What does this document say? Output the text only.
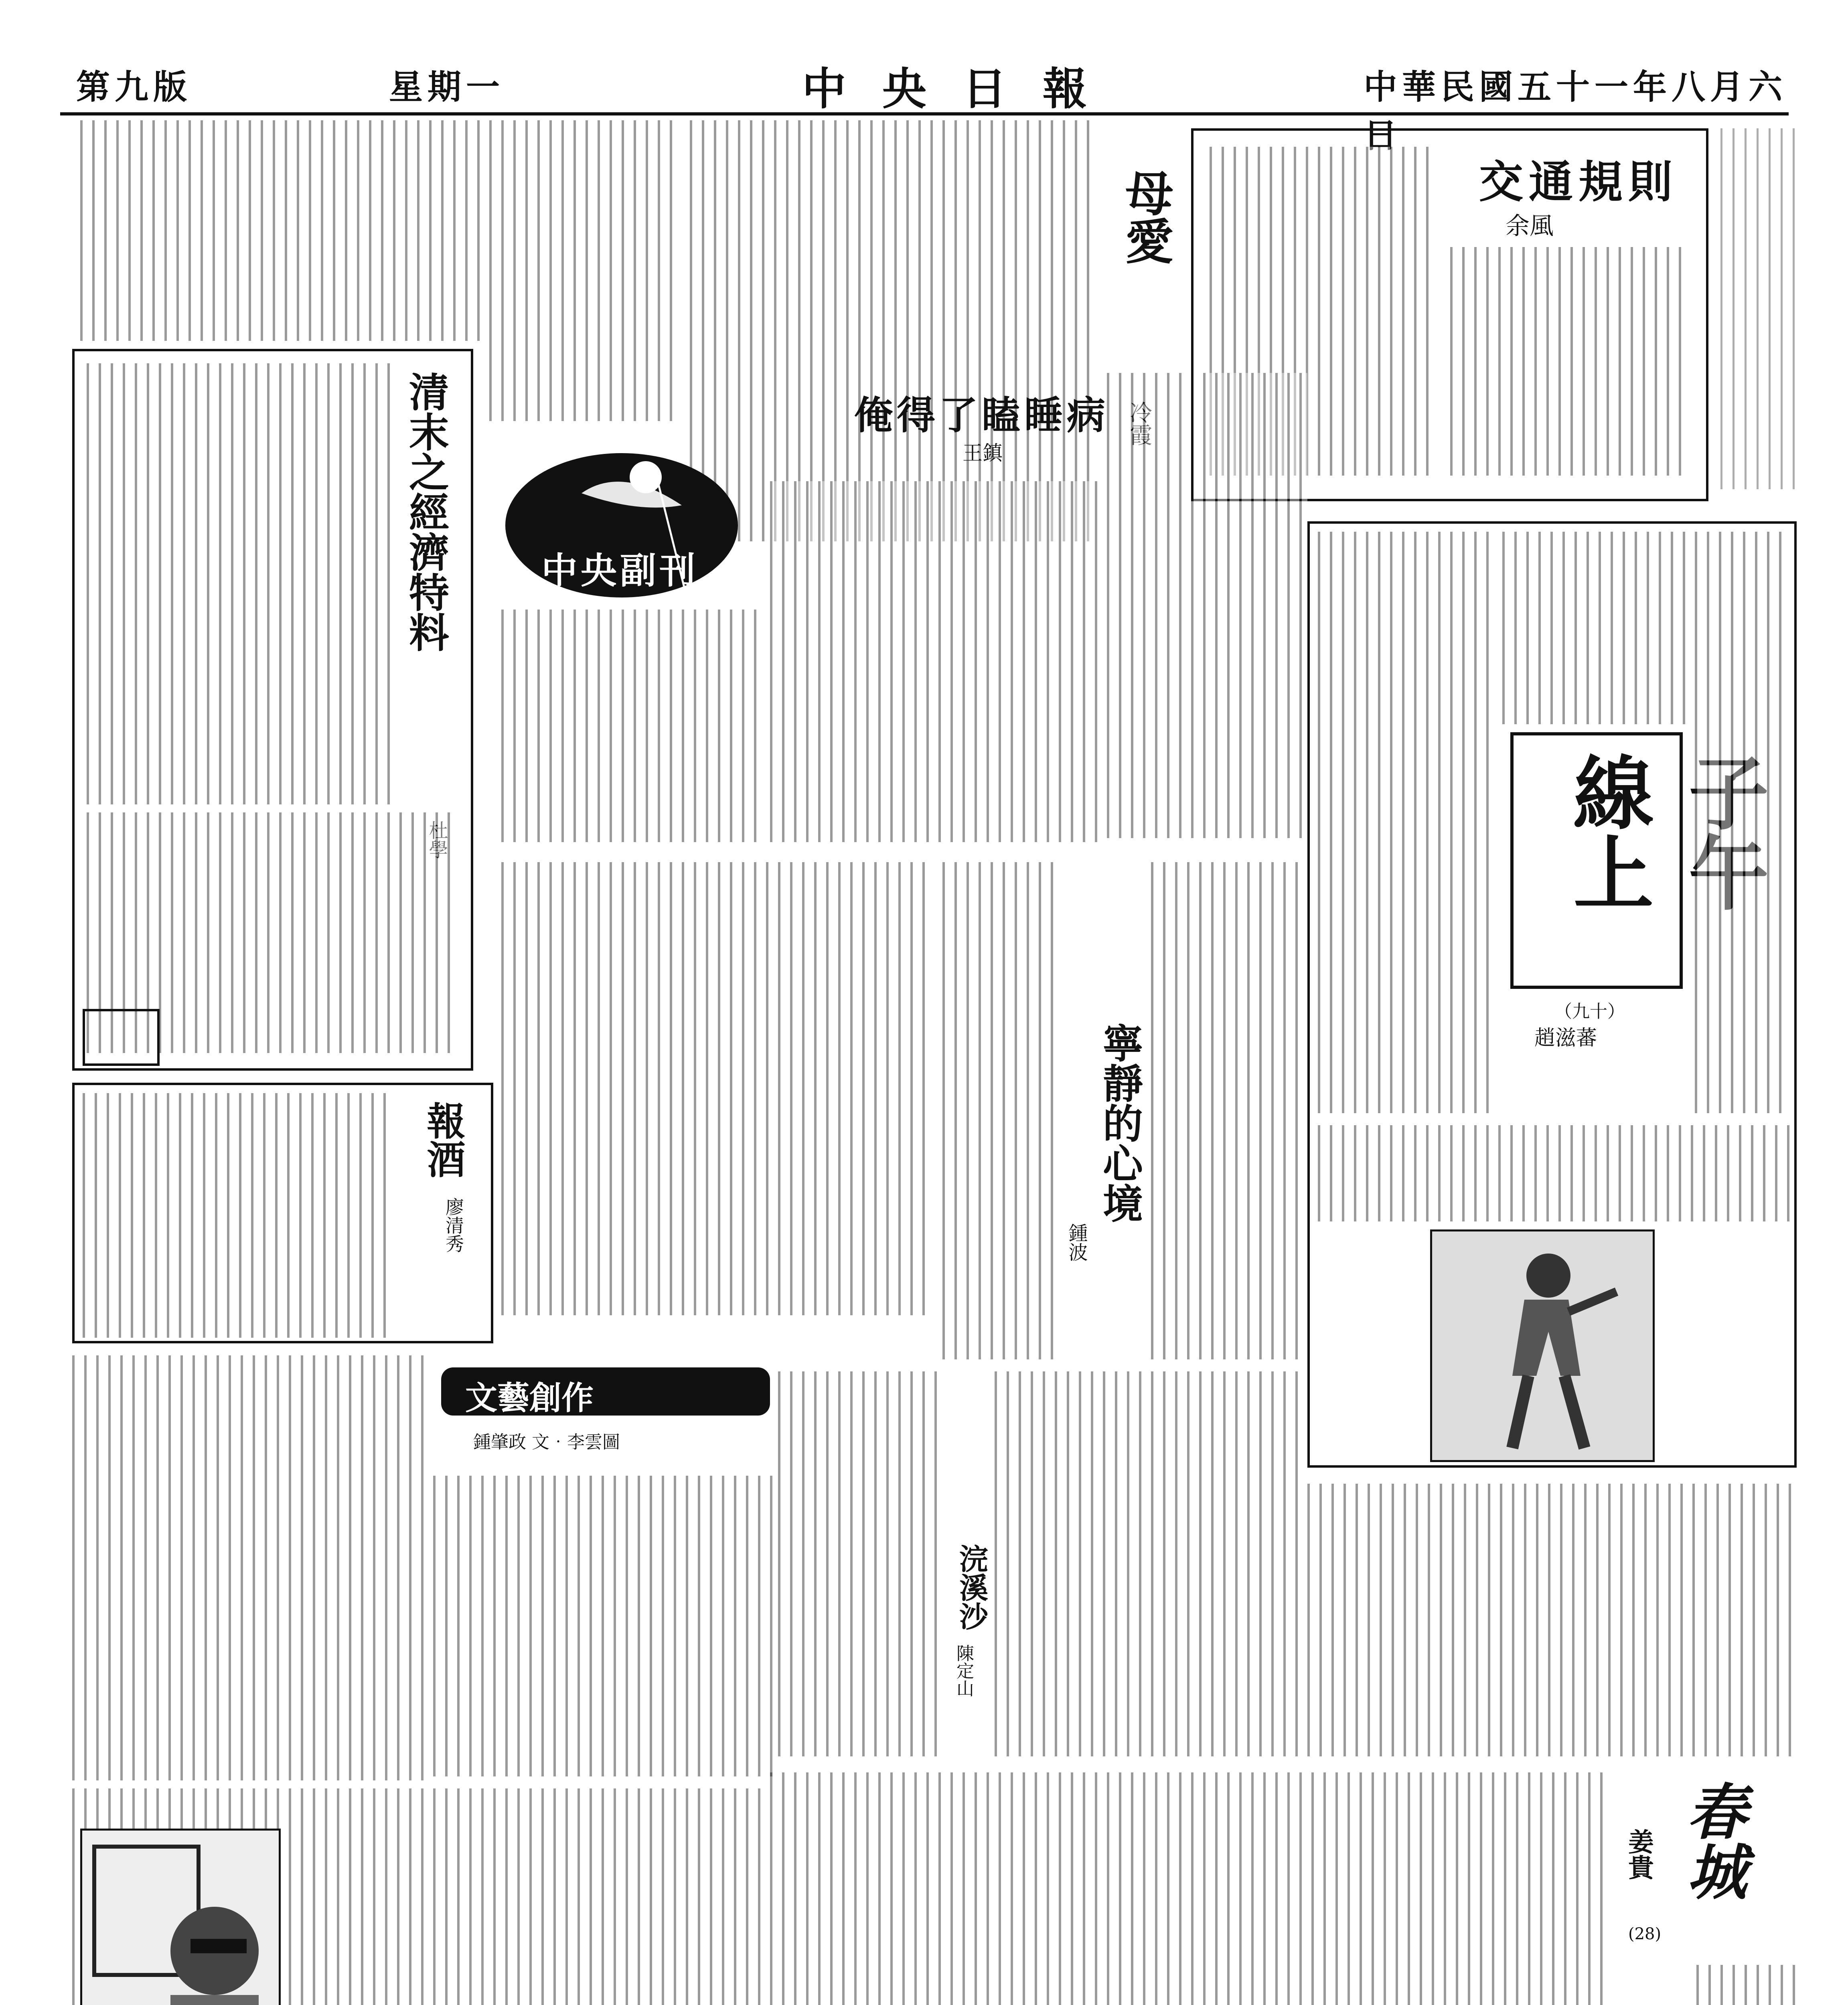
第九版	星期一	中央日報	中華民國五十一年八月六日
交通規則
余風
母愛
冷霞
清末之經濟特料
杜學
中央副刊
俺得了瞌睡病
王鎮
子午線上
（九十）
趙滋蕃
寧靜的心境
鍾波
報酒
廖清秀
文藝創作
鍾肇政 文‧李雲圖
浣溪沙
陳定山
春城
姜貴
(28)
